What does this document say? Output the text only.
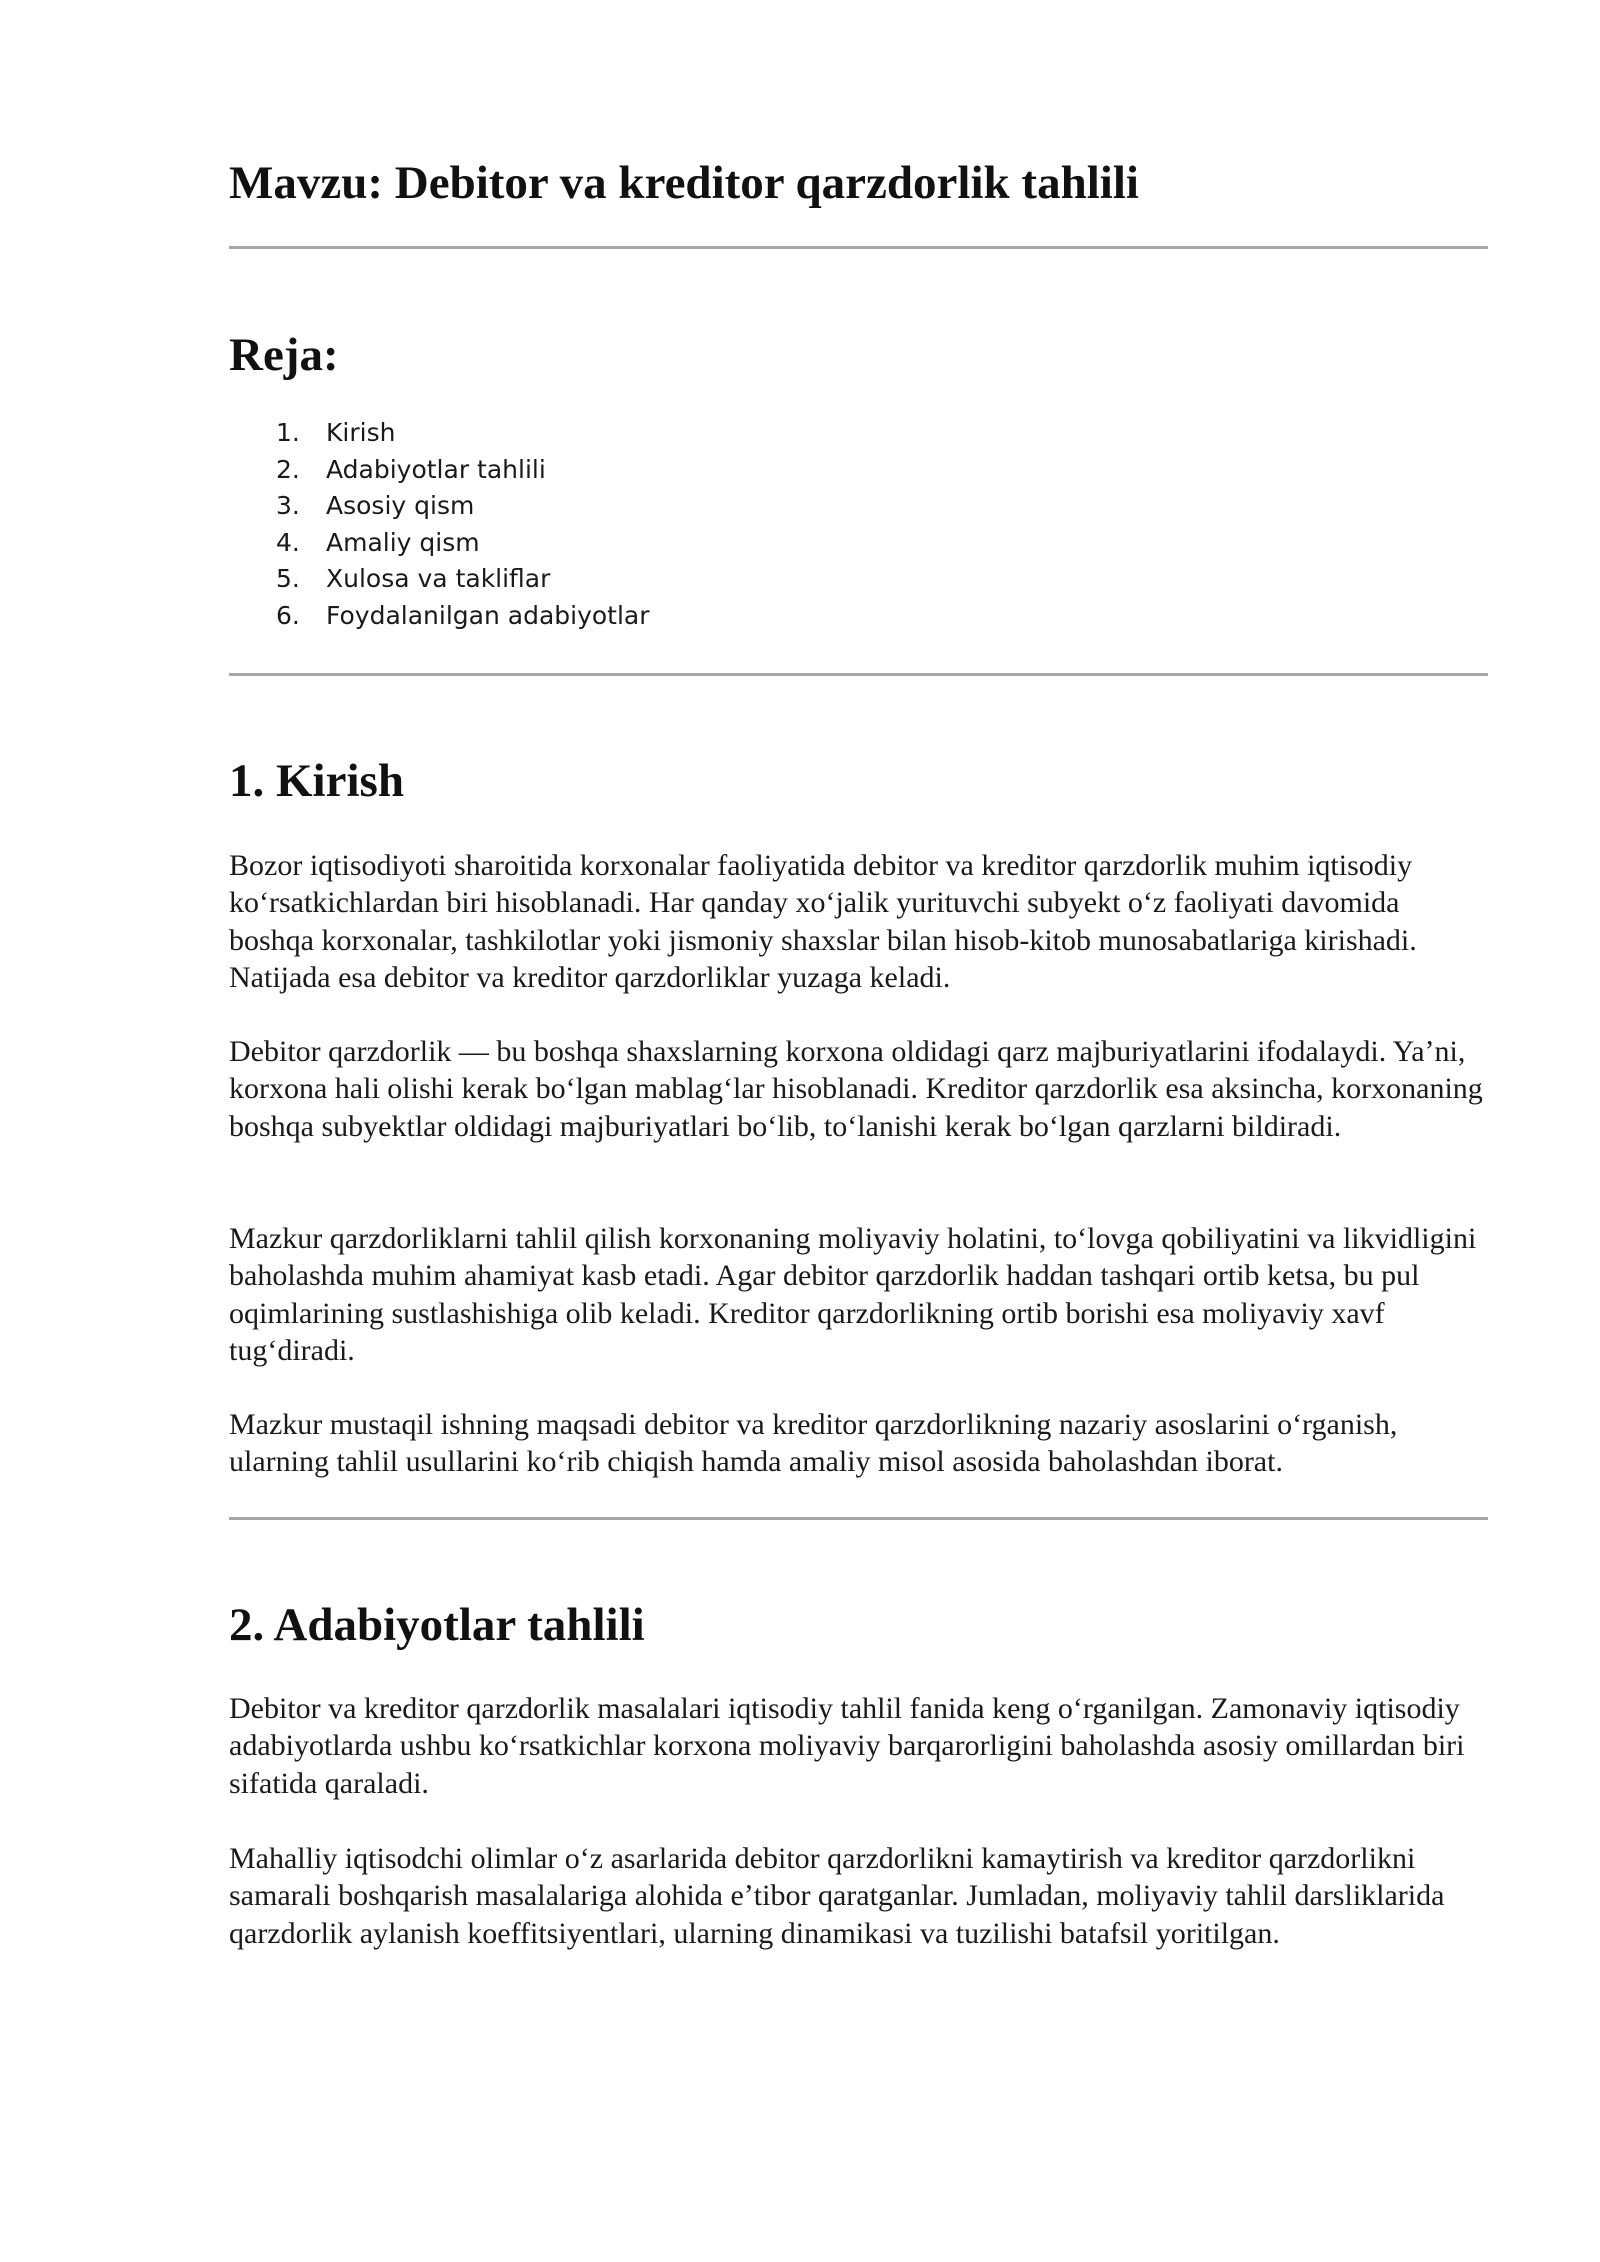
Mavzu: Debitor va kreditor qarzdorlik tahlili
Reja:
1. Kirish
2. Adabiyotlar tahlili
3. Asosiy qism
4. Amaliy qism
5. Xulosa va takliflar
6. Foydalanilgan adabiyotlar
1. Kirish

Bozor iqtisodiyoti sharoitida korxonalar faoliyatida debitor va kreditor qarzdorlik muhim iqtisodiy koʻrsatkichlardan biri hisoblanadi. Har qanday xoʻjalik yurituvchi subyekt oʻz faoliyati davomida boshqa korxonalar, tashkilotlar yoki jismoniy shaxslar bilan hisob-kitob munosabatlariga kirishadi. Natijada esa debitor va kreditor qarzdorliklar yuzaga keladi.

Debitor qarzdorlik — bu boshqa shaxslarning korxona oldidagi qarz majburiyatlarini ifodalaydi. Yaʼni, korxona hali olishi kerak boʻlgan mablagʻlar hisoblanadi. Kreditor qarzdorlik esa aksincha, korxonaning boshqa subyektlar oldidagi majburiyatlari boʻlib, toʻlanishi kerak boʻlgan qarzlarni bildiradi.

Mazkur qarzdorliklarni tahlil qilish korxonaning moliyaviy holatini, toʻlovga qobiliyatini va likvidligini baholashda muhim ahamiyat kasb etadi. Agar debitor qarzdorlik haddan tashqari ortib ketsa, bu pul oqimlarining sustlashishiga olib keladi. Kreditor qarzdorlikning ortib borishi esa moliyaviy xavf tugʻdiradi.

Mazkur mustaqil ishning maqsadi debitor va kreditor qarzdorlikning nazariy asoslarini oʻrganish, ularning tahlil usullarini koʻrib chiqish hamda amaliy misol asosida baholashdan iborat.

2. Adabiyotlar tahlili

Debitor va kreditor qarzdorlik masalalari iqtisodiy tahlil fanida keng oʻrganilgan. Zamonaviy iqtisodiy adabiyotlarda ushbu koʻrsatkichlar korxona moliyaviy barqarorligini baholashda asosiy omillardan biri sifatida qaraladi.

Mahalliy iqtisodchi olimlar oʻz asarlarida debitor qarzdorlikni kamaytirish va kreditor qarzdorlikni samarali boshqarish masalalariga alohida eʼtibor qaratganlar. Jumladan, moliyaviy tahlil darsliklarida qarzdorlik aylanish koeffitsiyentlari, ularning dinamikasi va tuzilishi batafsil yoritilgan.
